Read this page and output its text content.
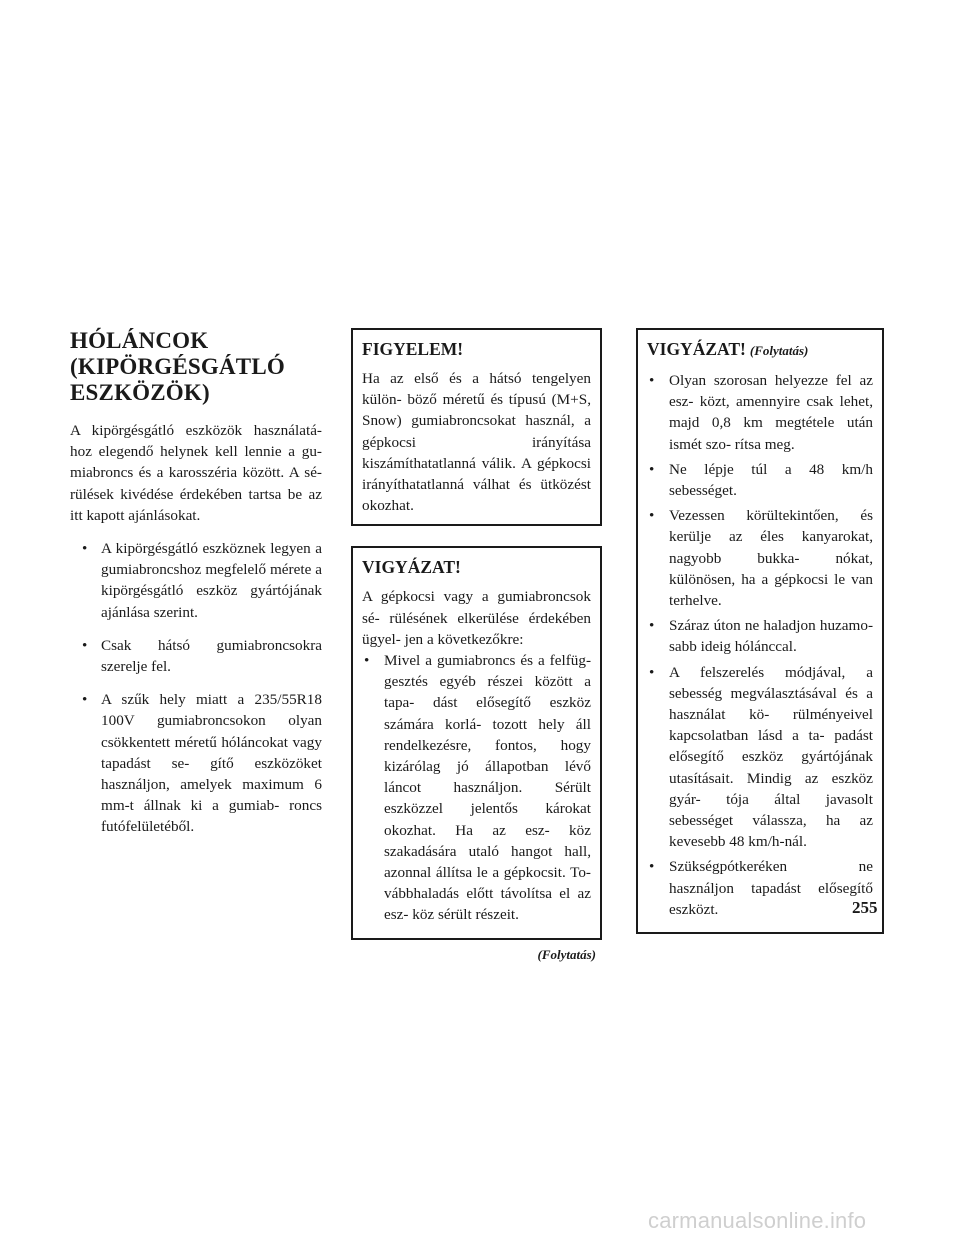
HÓLÁNCOK (KIPÖRGÉSGÁTLÓ ESZKÖZÖK)

A kipörgésgátló eszközök használatá- hoz elegendő helynek kell lennie a gu- miabroncs és a karosszéria között. A sé- rülések kivédése érdekében tartsa be az itt kapott ajánlásokat.

• A kipörgésgátló eszköznek legyen a gumiabroncshoz megfelelő mérete a kipörgésgátló eszköz gyártójának ajánlása szerint.
• Csak hátsó gumiabroncsokra szerelje fel.
• A szűk hely miatt a 235/55R18 100V gumiabroncsokon olyan csökkentett méretű hóláncokat vagy tapadást se- gítő eszközöket használjon, amelyek maximum 6 mm-t állnak ki a gumiab- roncs futófelületéből.
FIGYELEM!

Ha az első és a hátsó tengelyen külön- böző méretű és típusú (M+S, Snow) gumiabroncsokat használ, a gépkocsi irányítása kiszámíthatatlanná válik. A gépkocsi irányíthatatlanná válhat és ütközést okozhat.

VIGYÁZAT!

A gépkocsi vagy a gumiabroncsok sé- rülésének elkerülése érdekében ügyel- jen a következőkre:

• Mivel a gumiabroncs és a felfüg- gesztés egyéb részei között a tapa- dást elősegítő eszköz számára korlá- tozott hely áll rendelkezésre, fontos, hogy kizárólag jó állapotban lévő láncot használjon. Sérült eszközzel jelentős károkat okozhat. Ha az esz- köz szakadására utaló hangot hall, azonnal állítsa le a gépkocsit. To- vábbhaladás előtt távolítsa el az esz- köz sérült részeit.
(Folytatás)
VIGYÁZAT! (Folytatás)
• Olyan szorosan helyezze fel az esz- közt, amennyire csak lehet, majd 0,8 km megtétele után ismét szo- rítsa meg.
• Ne lépje túl a 48 km/h sebességet.
• Vezessen körültekintően, és kerülje az éles kanyarokat, nagyobb bukka- nókat, különösen, ha a gépkocsi le van terhelve.
• Száraz úton ne haladjon huzamo- sabb ideig hólánccal.
• A felszerelés módjával, a sebesség megválasztásával és a használat kö- rülményeivel kapcsolatban lásd a ta- padást elősegítő eszköz gyártójának utasításait. Mindig az eszköz gyár- tója által javasolt sebességet válassza, ha az kevesebb 48 km/h-nál.
• Szükségpótkeréken ne használjon tapadást elősegítő eszközt.	255
carmanualsonline.info
